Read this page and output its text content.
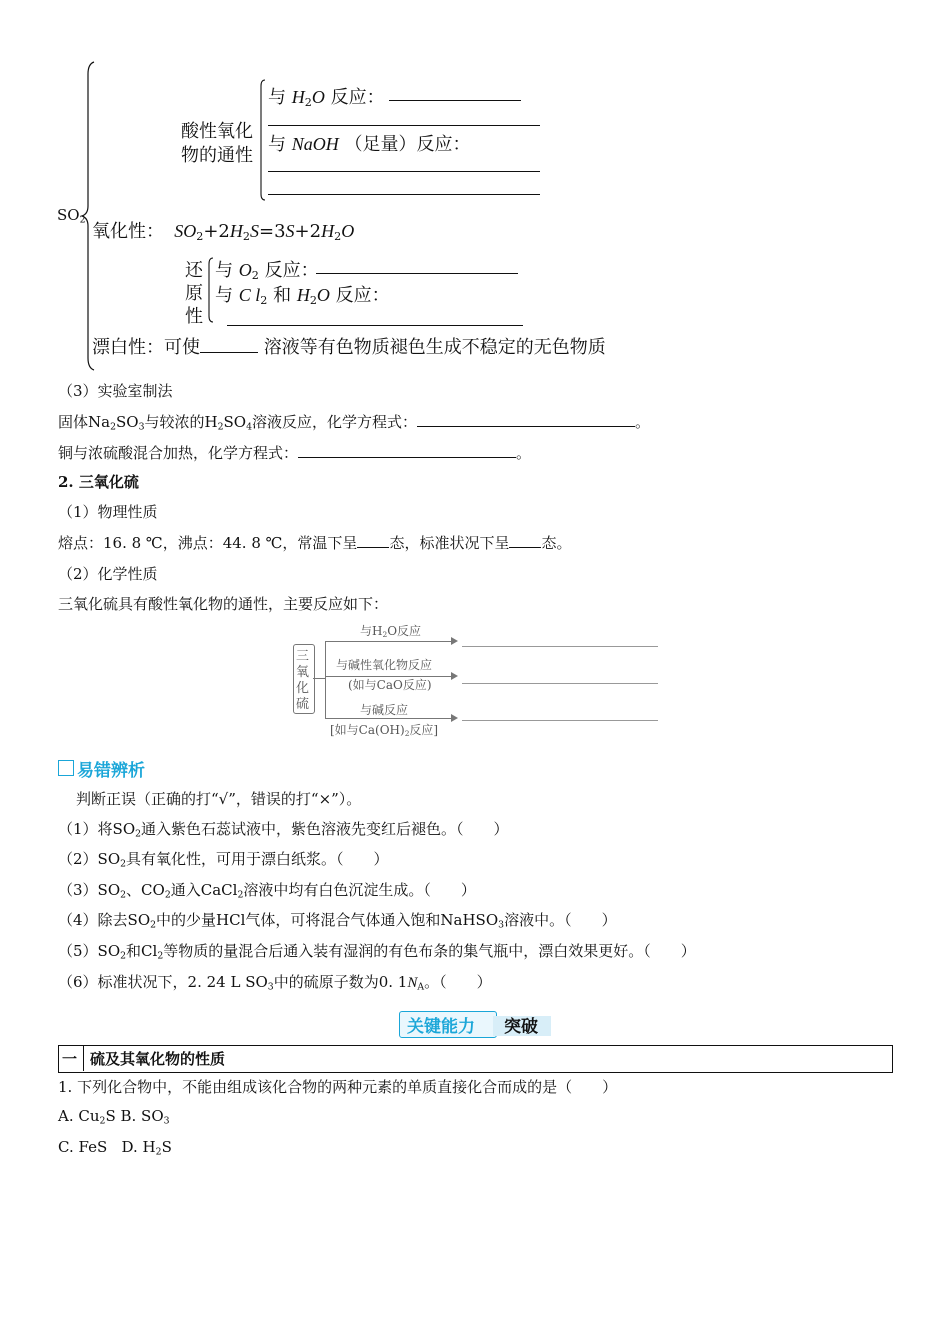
$SO_2$
酸性氧化
物的通性
与 $H_2O$ 反应：
与 NaOH （足量）反应：
氧化性：  $SO_2+2H_2S=3S+2H_2O$
还
原
性
与 $O_2$ 反应：
与 C $l_2$ 和 $H_2O$ 反应：
漂白性：可使	溶液等有色物质褪色生成不稳定的无色物质
（3）实验室制法
固体$Na_2SO_3$与较浓的$H_2SO_4$溶液反应，化学方程式：	。
铜与浓硫酸混合加热，化学方程式：	。
2. 三氧化硫
（1）物理性质
熔点：16. 8 ℃，沸点：44. 8 ℃，常温下呈 态，标准状况下呈 态。
（2）化学性质
三氧化硫具有酸性氧化物的通性，主要反应如下：
三
氧
化
硫
与$H_2O$反应
与碱性氧化物反应
(如与CaO反应)
与碱反应
[如与$Ca(OH)_2$反应]
易错辨析
判断正误（正确的打“√”，错误的打“×”）。
（1）将$SO_2$通入紫色石蕊试液中，紫色溶液先变红后褪色。（　　）
$(2)SO_2$具有氧化性，可用于漂白纸浆。（　　）
$(3)SO_2$、$CO_2$通入CaCl$_2$溶液中均有白色沉淀生成。（　　）
（4）除去$SO_2$中的少量HCl气体，可将混合气体通入饱和NaHSO$_3$溶液中。（　　）
$(5)SO_2$和$Cl_2$等物质的量混合后通入装有湿润的有色布条的集气瓶中，漂白效果更好。（　　）
（6）标准状况下，2. 24 L $SO_3$中的硫原子数为0. $1N_A$。（　　）
关键能力 突破
一 硫及其氧化物的性质
1. 下列化合物中，不能由组成该化合物的两种元素的单质直接化合而成的是（　　）
A. $Cu_2S$ B. $SO_3$
C. FeS   D. $H_2S$
